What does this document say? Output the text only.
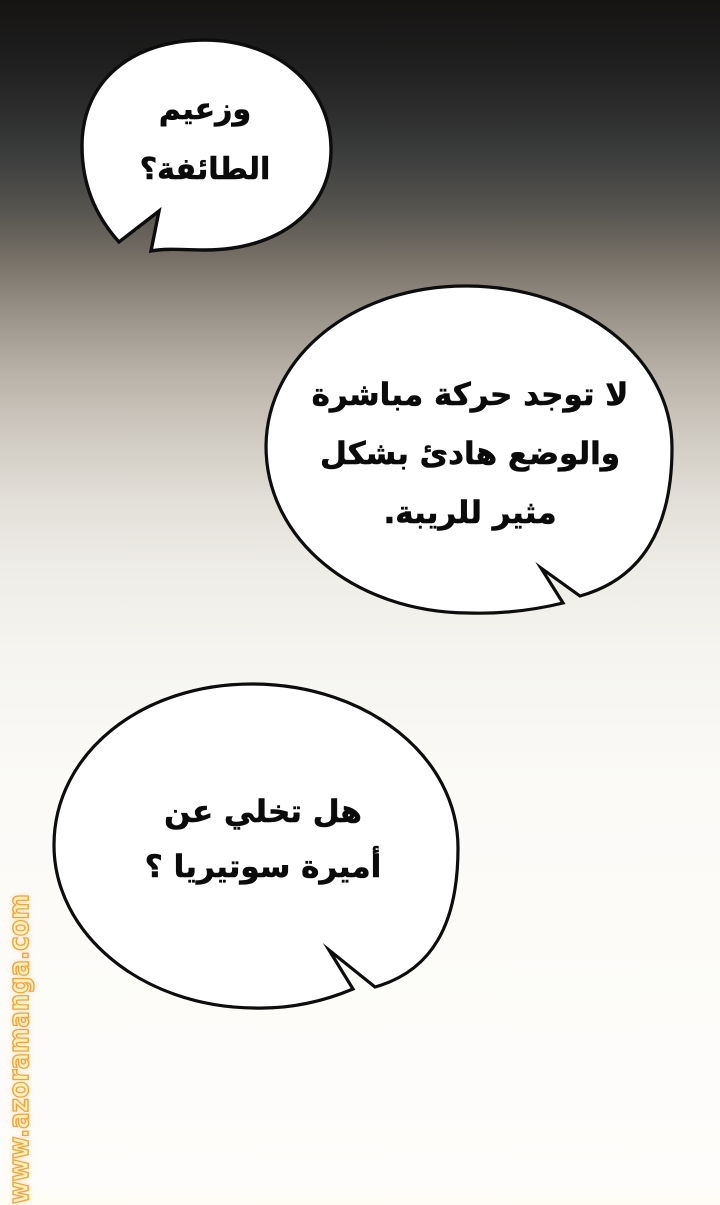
وزعيم
الطائفة؟
لا توجد حركة مباشرة
والوضع هادئ بشكل
مثير للريبة.
هل تخلي عن
أميرة سوتيريا ؟
www.azoramanga.com
